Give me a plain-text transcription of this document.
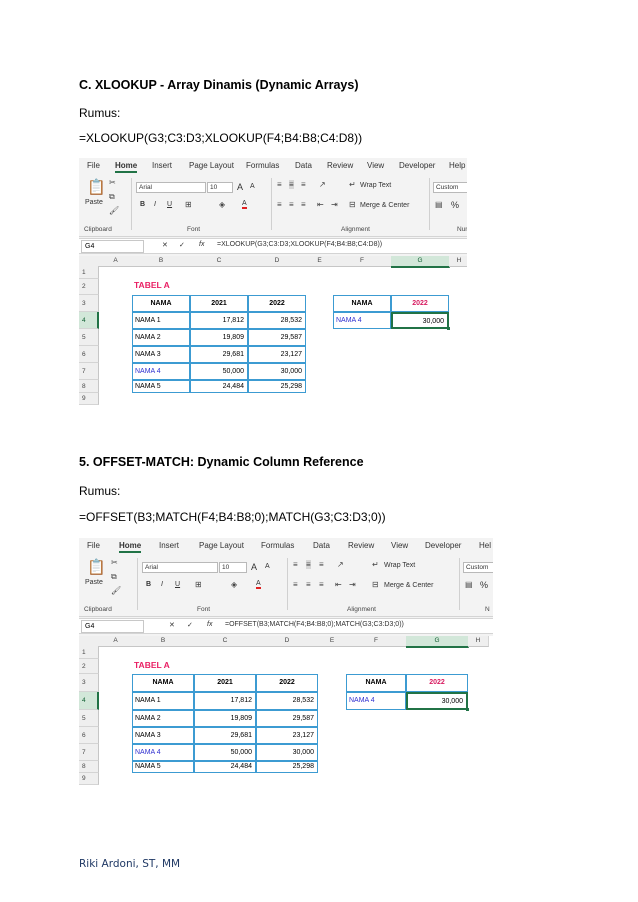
C. XLOOKUP - Array Dinamis (Dynamic Arrays)
Rumus:
=XLOOKUP(G3;C3:D3;XLOOKUP(F4;B4:B8;C4:D8))
File Home Insert Page Layout Formulas Data Review View Developer Help
📋
Paste
✂
⧉
🖌
Clipboard
Arial	10	A A
B I U ⊞	◈ A
Font
≡ ≡ ≡ ↗
≡ ≡ ≡ ⇤ ⇥
↵ Wrap Text
⊟ Merge & Center
Alignment
Custom
▤ %
Nur
G4	✕ ✓ fx =XLOOKUP(G3;C3:D3;XLOOKUP(F4;B4:B8;C4:D8))
A	B	C	D	E	F	G	H
1
2
3
4
5
6
7
8
9
TABEL A
NAMA	2021	2022
NAMA 1	17,812	28,532
NAMA 2	19,809	29,587
NAMA 3	29,681	23,127
NAMA 4	50,000	30,000
NAMA 5	24,484	25,298
NAMA	2022
NAMA 4	30,000
5. OFFSET-MATCH: Dynamic Column Reference
Rumus:
=OFFSET(B3;MATCH(F4;B4:B8;0);MATCH(G3;C3:D3;0))
File Home Insert Page Layout Formulas Data Review View Developer Hel
📋
Paste
✂
⧉
🖌
Clipboard
Arial	10	A A
B I U ⊞	◈	A
Font
≡ ≡ ≡ ↗
≡ ≡ ≡ ⇤ ⇥
↵ Wrap Text
⊟ Merge & Center
Alignment
Custom
▤ %
N
G4	✕ ✓ fx =OFFSET(B3;MATCH(F4;B4:B8;0);MATCH(G3;C3:D3;0))
A	B	C	D	E	F	G	H
1
2
3
4
5
6
7
8
9
TABEL A
NAMA	2021	2022
NAMA 1	17,812	28,532
NAMA 2	19,809	29,587
NAMA 3	29,681	23,127
NAMA 4	50,000	30,000
NAMA 5	24,484	25,298
NAMA	2022
NAMA 4	30,000
Riki Ardoni, ST, MM
